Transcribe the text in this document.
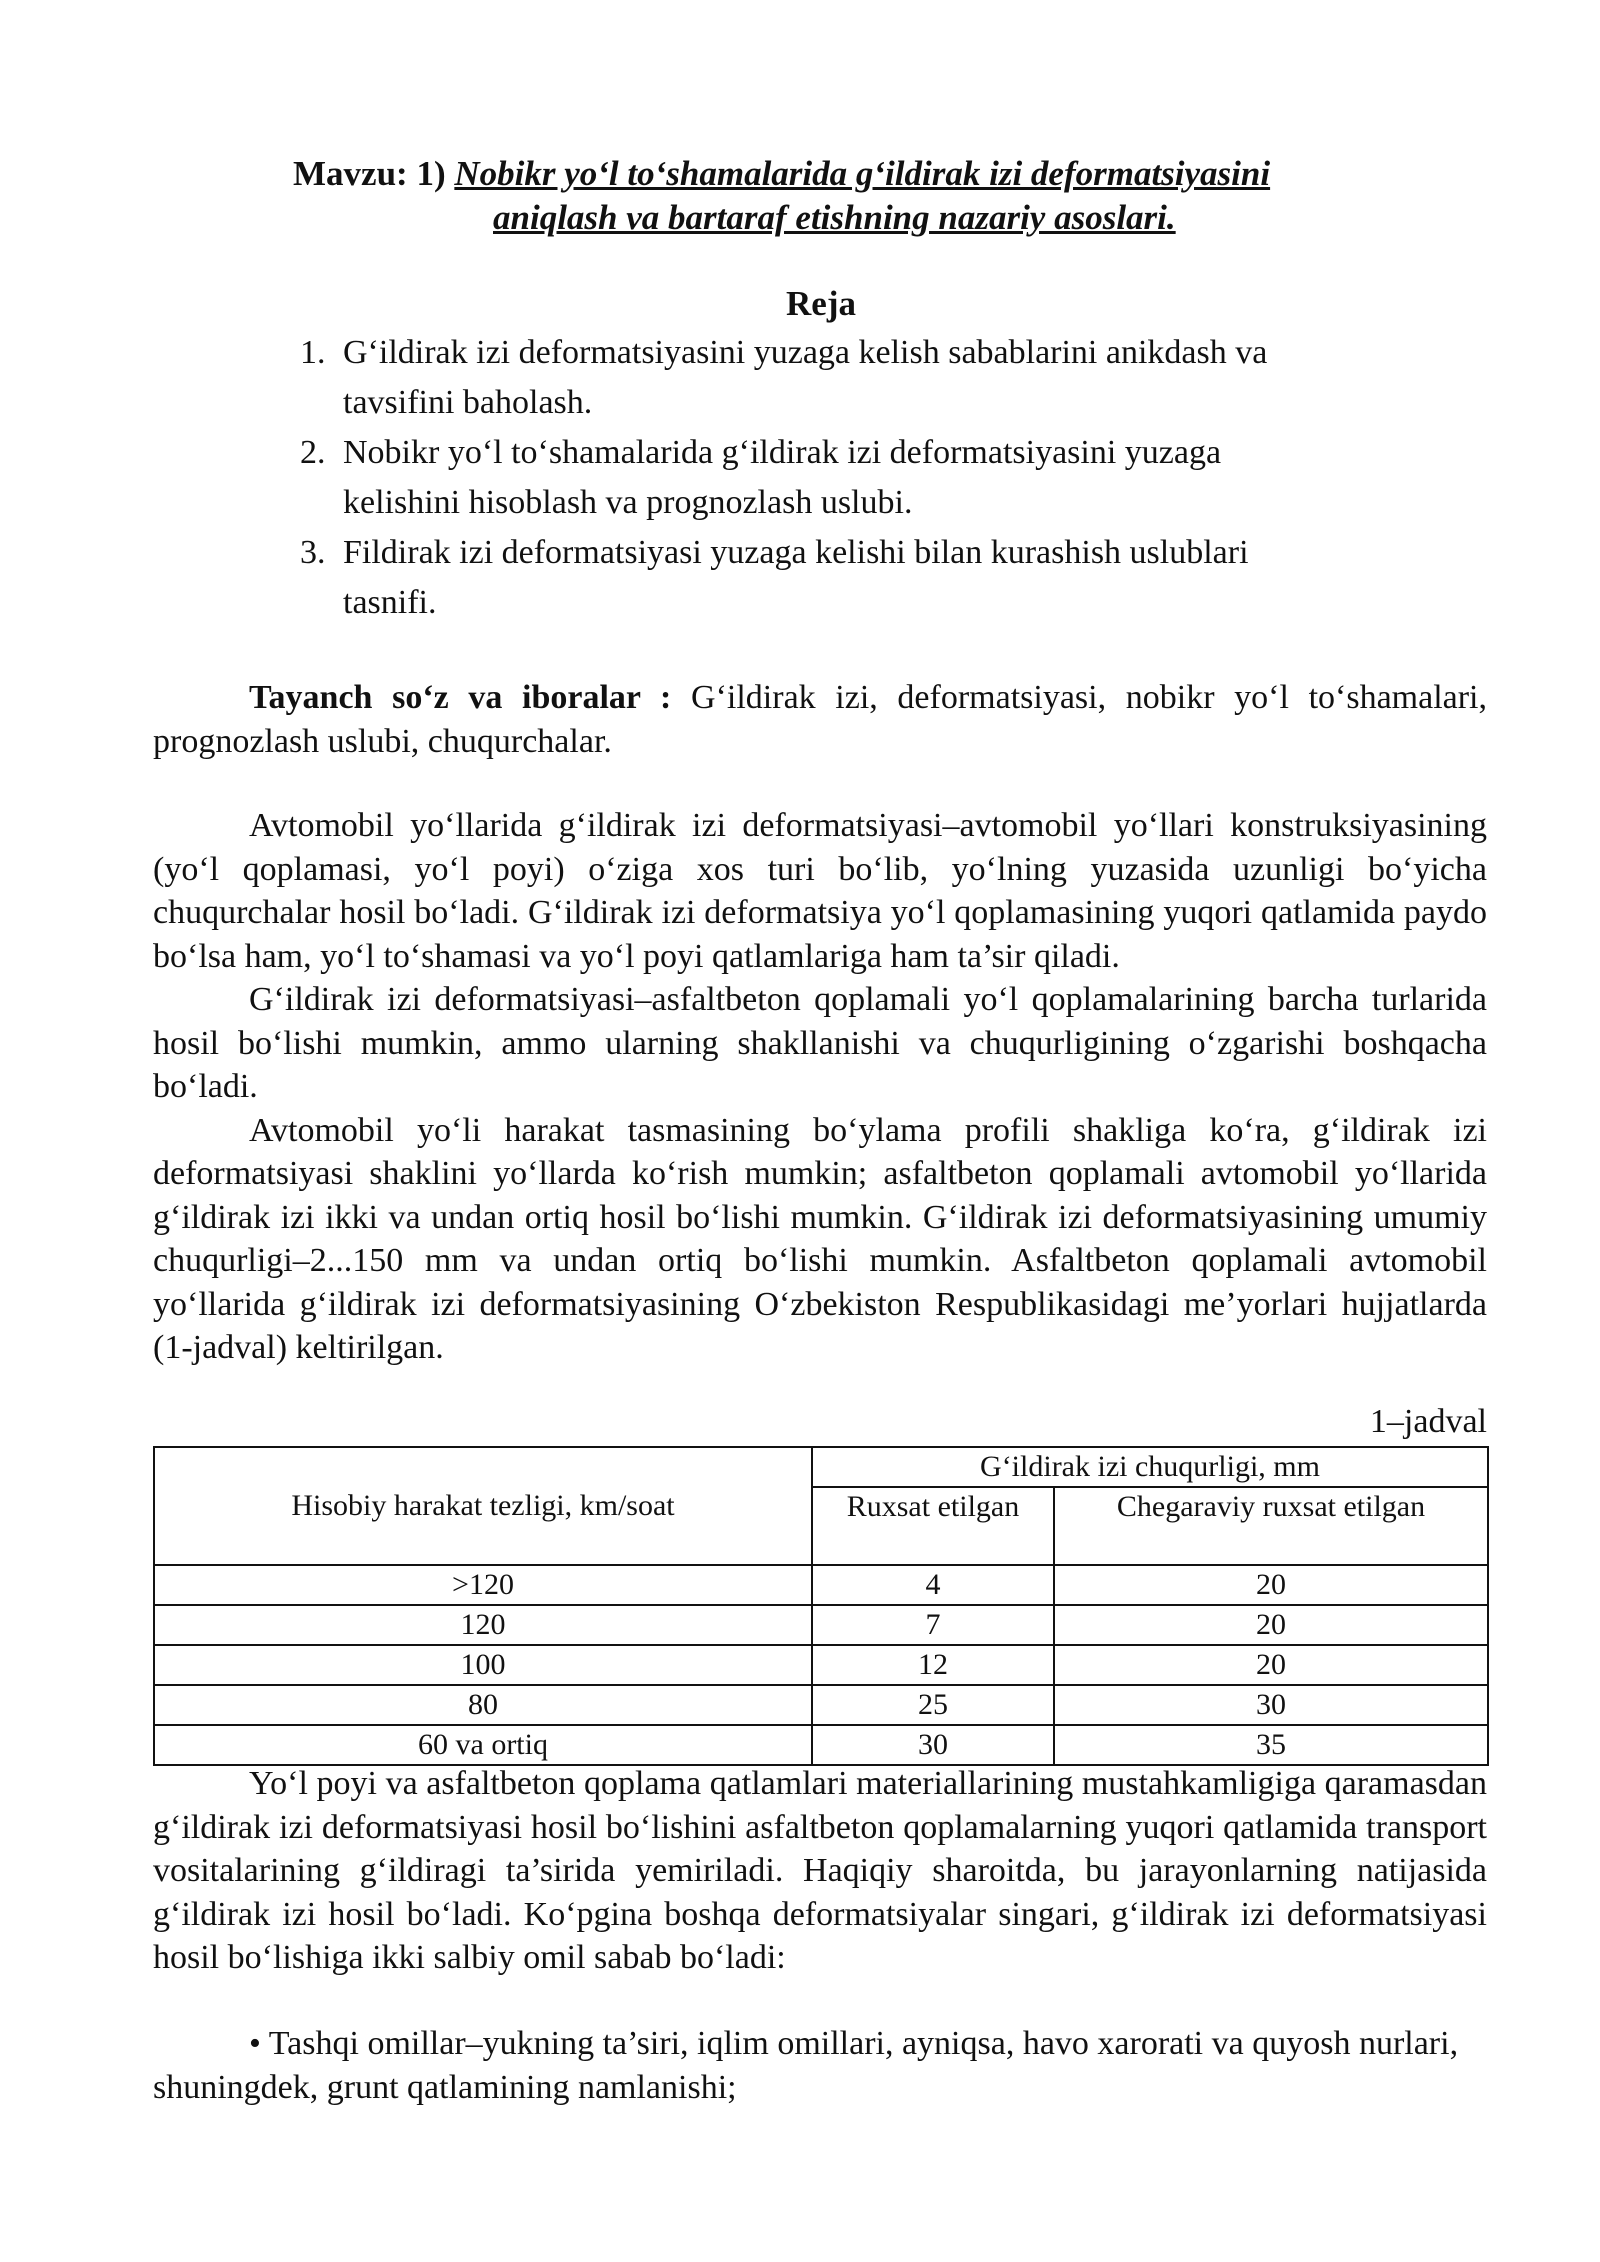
Mavzu: 1) Nobikr yo‘l to‘shamalarida g‘ildirak izi deformatsiyasini
aniqlash va bartaraf etishning nazariy asoslari.
Reja
1. G‘ildirak izi deformatsiyasini yuzaga kelish sabablarini anikdash va
tavsifini baholash.
2. Nobikr yo‘l to‘shamalarida g‘ildirak izi deformatsiyasini yuzaga
kelishini hisoblash va prognozlash uslubi.
3. Fildirak izi deformatsiyasi yuzaga kelishi bilan kurashish uslublari
tasnifi.

Tayanch so‘z va iboralar : G‘ildirak izi, deformatsiyasi, nobikr yo‘l to‘shamalari, prognozlash uslubi, chuqurchalar.

Avtomobil yo‘llarida g‘ildirak izi deformatsiyasi–avtomobil yo‘llari konstruksiyasining (yo‘l qoplamasi, yo‘l poyi) o‘ziga xos turi bo‘lib, yo‘lning yuzasida uzunligi bo‘yicha chuqurchalar hosil bo‘ladi. G‘ildirak izi deformatsiya yo‘l qoplamasining yuqori qatlamida paydo bo‘lsa ham, yo‘l to‘shamasi va yo‘l poyi qatlamlariga ham ta’sir qiladi.

G‘ildirak izi deformatsiyasi–asfaltbeton qoplamali yo‘l qoplamalarining barcha turlarida hosil bo‘lishi mumkin, ammo ularning shakllanishi va chuqurligining o‘zgarishi boshqacha bo‘ladi.

Avtomobil yo‘li harakat tasmasining bo‘ylama profili shakliga ko‘ra, g‘ildirak izi deformatsiyasi shaklini yo‘llarda ko‘rish mumkin; asfaltbeton qoplamali avtomobil yo‘llarida g‘ildirak izi ikki va undan ortiq hosil bo‘lishi mumkin. G‘ildirak izi deformatsiyasining umumiy chuqurligi–2...150 mm va undan ortiq bo‘lishi mumkin. Asfaltbeton qoplamali avtomobil yo‘llarida g‘ildirak izi deformatsiyasining O‘zbekiston Respublikasidagi me’yorlari hujjatlarda (1-jadval) keltirilgan.

1–jadval
Hisobiy harakat tezligi, km/soat	G‘ildirak izi chuqurligi, mm	
	Ruxsat etilgan	Chegaraviy ruxsat etilgan
>120	4	20
120	7	20
100	12	20
80	25	30
60 va ortiq	30	35

Yo‘l poyi va asfaltbeton qoplama qatlamlari materiallarining mustahkamligiga qaramasdan g‘ildirak izi deformatsiyasi hosil bo‘lishini asfaltbeton qoplamalarning yuqori qatlamida transport vositalarining g‘ildiragi ta’sirida yemiriladi. Haqiqiy sharoitda, bu jarayonlarning natijasida g‘ildirak izi hosil bo‘ladi. Ko‘pgina boshqa deformatsiyalar singari, g‘ildirak izi deformatsiyasi hosil bo‘lishiga ikki salbiy omil sabab bo‘ladi:

• Tashqi omillar–yukning ta’siri, iqlim omillari, ayniqsa, havo xarorati va quyosh nurlari, shuningdek, grunt qatlamining namlanishi;
